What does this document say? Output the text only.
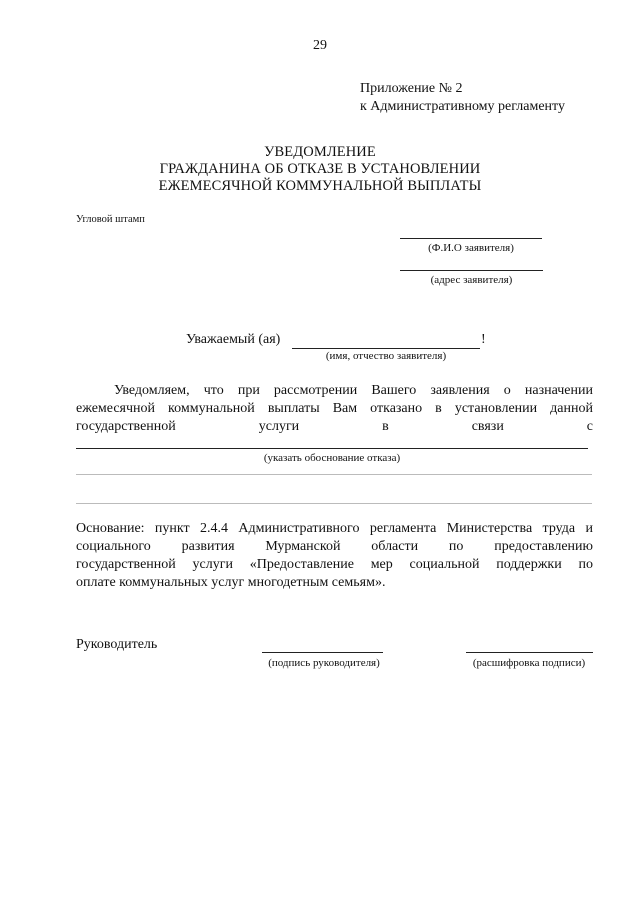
29
Приложение № 2
к Административному регламенту
УВЕДОМЛЕНИЕ
ГРАЖДАНИНА ОБ ОТКАЗЕ В УСТАНОВЛЕНИИ
ЕЖЕМЕСЯЧНОЙ КОММУНАЛЬНОЙ ВЫПЛАТЫ
Угловой штамп
(Ф.И.О заявителя)
(адрес заявителя)
Уважаемый (ая)	!
(имя, отчество заявителя)
Уведомляем, что при рассмотрении Вашего заявления о назначении
ежемесячной коммунальной выплаты Вам отказано в установлении данной
государственной услуги в связи с
(указать обоснование отказа)
Основание: пункт 2.4.4 Административного регламента Министерства труда и
социального развития Мурманской области по предоставлению
государственной услуги «Предоставление мер социальной поддержки по
оплате коммунальных услуг многодетным семьям».
Руководитель
(подпись руководителя)	(расшифровка подписи)
